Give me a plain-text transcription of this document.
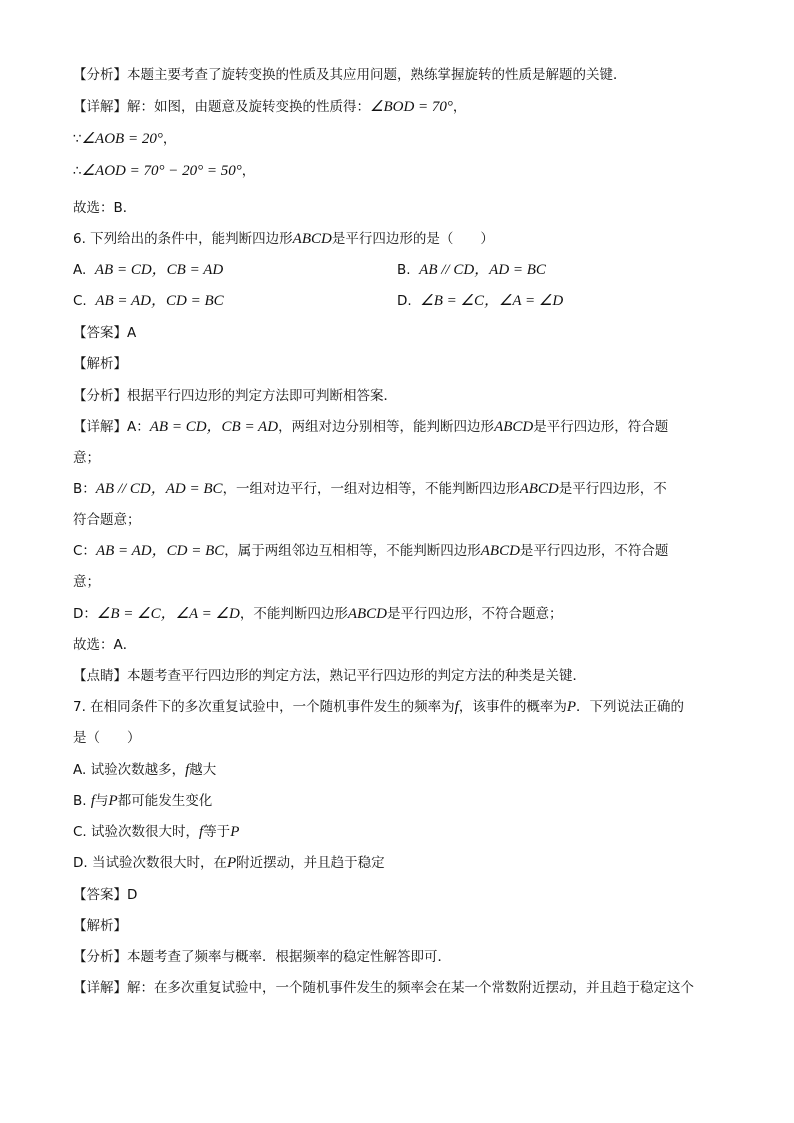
【分析】本题主要考查了旋转变换的性质及其应用问题，熟练掌握旋转的性质是解题的关键．
【详解】解：如图，由题意及旋转变换的性质得：∠BOD = 70°，
∵∠AOB = 20°，
∴∠AOD = 70° − 20° = 50°，
故选：B．
6. 下列给出的条件中，能判断四边形ABCD是平行四边形的是（　　）
A. AB = CD，CB = AD	B. AB // CD，AD = BC
C. AB = AD，CD = BC	D. ∠B = ∠C，∠A = ∠D
【答案】A
【解析】
【分析】根据平行四边形的判定方法即可判断相答案．
【详解】A：AB = CD，CB = AD，两组对边分别相等，能判断四边形ABCD是平行四边形，符合题
意；
B：AB // CD，AD = BC，一组对边平行，一组对边相等，不能判断四边形ABCD是平行四边形，不
符合题意；
C：AB = AD，CD = BC，属于两组邻边互相相等，不能判断四边形ABCD是平行四边形，不符合题
意；
D：∠B = ∠C，∠A = ∠D，不能判断四边形ABCD是平行四边形，不符合题意；
故选：A．
【点睛】本题考查平行四边形的判定方法，熟记平行四边形的判定方法的种类是关键．
7. 在相同条件下的多次重复试验中，一个随机事件发生的频率为f，该事件的概率为P．下列说法正确的
是（　　）
A. 试验次数越多，f越大
B. f与P都可能发生变化
C. 试验次数很大时，f等于P
D. 当试验次数很大时，在P附近摆动，并且趋于稳定
【答案】D
【解析】
【分析】本题考查了频率与概率．根据频率的稳定性解答即可．
【详解】解：在多次重复试验中，一个随机事件发生的频率会在某一个常数附近摆动，并且趋于稳定这个
